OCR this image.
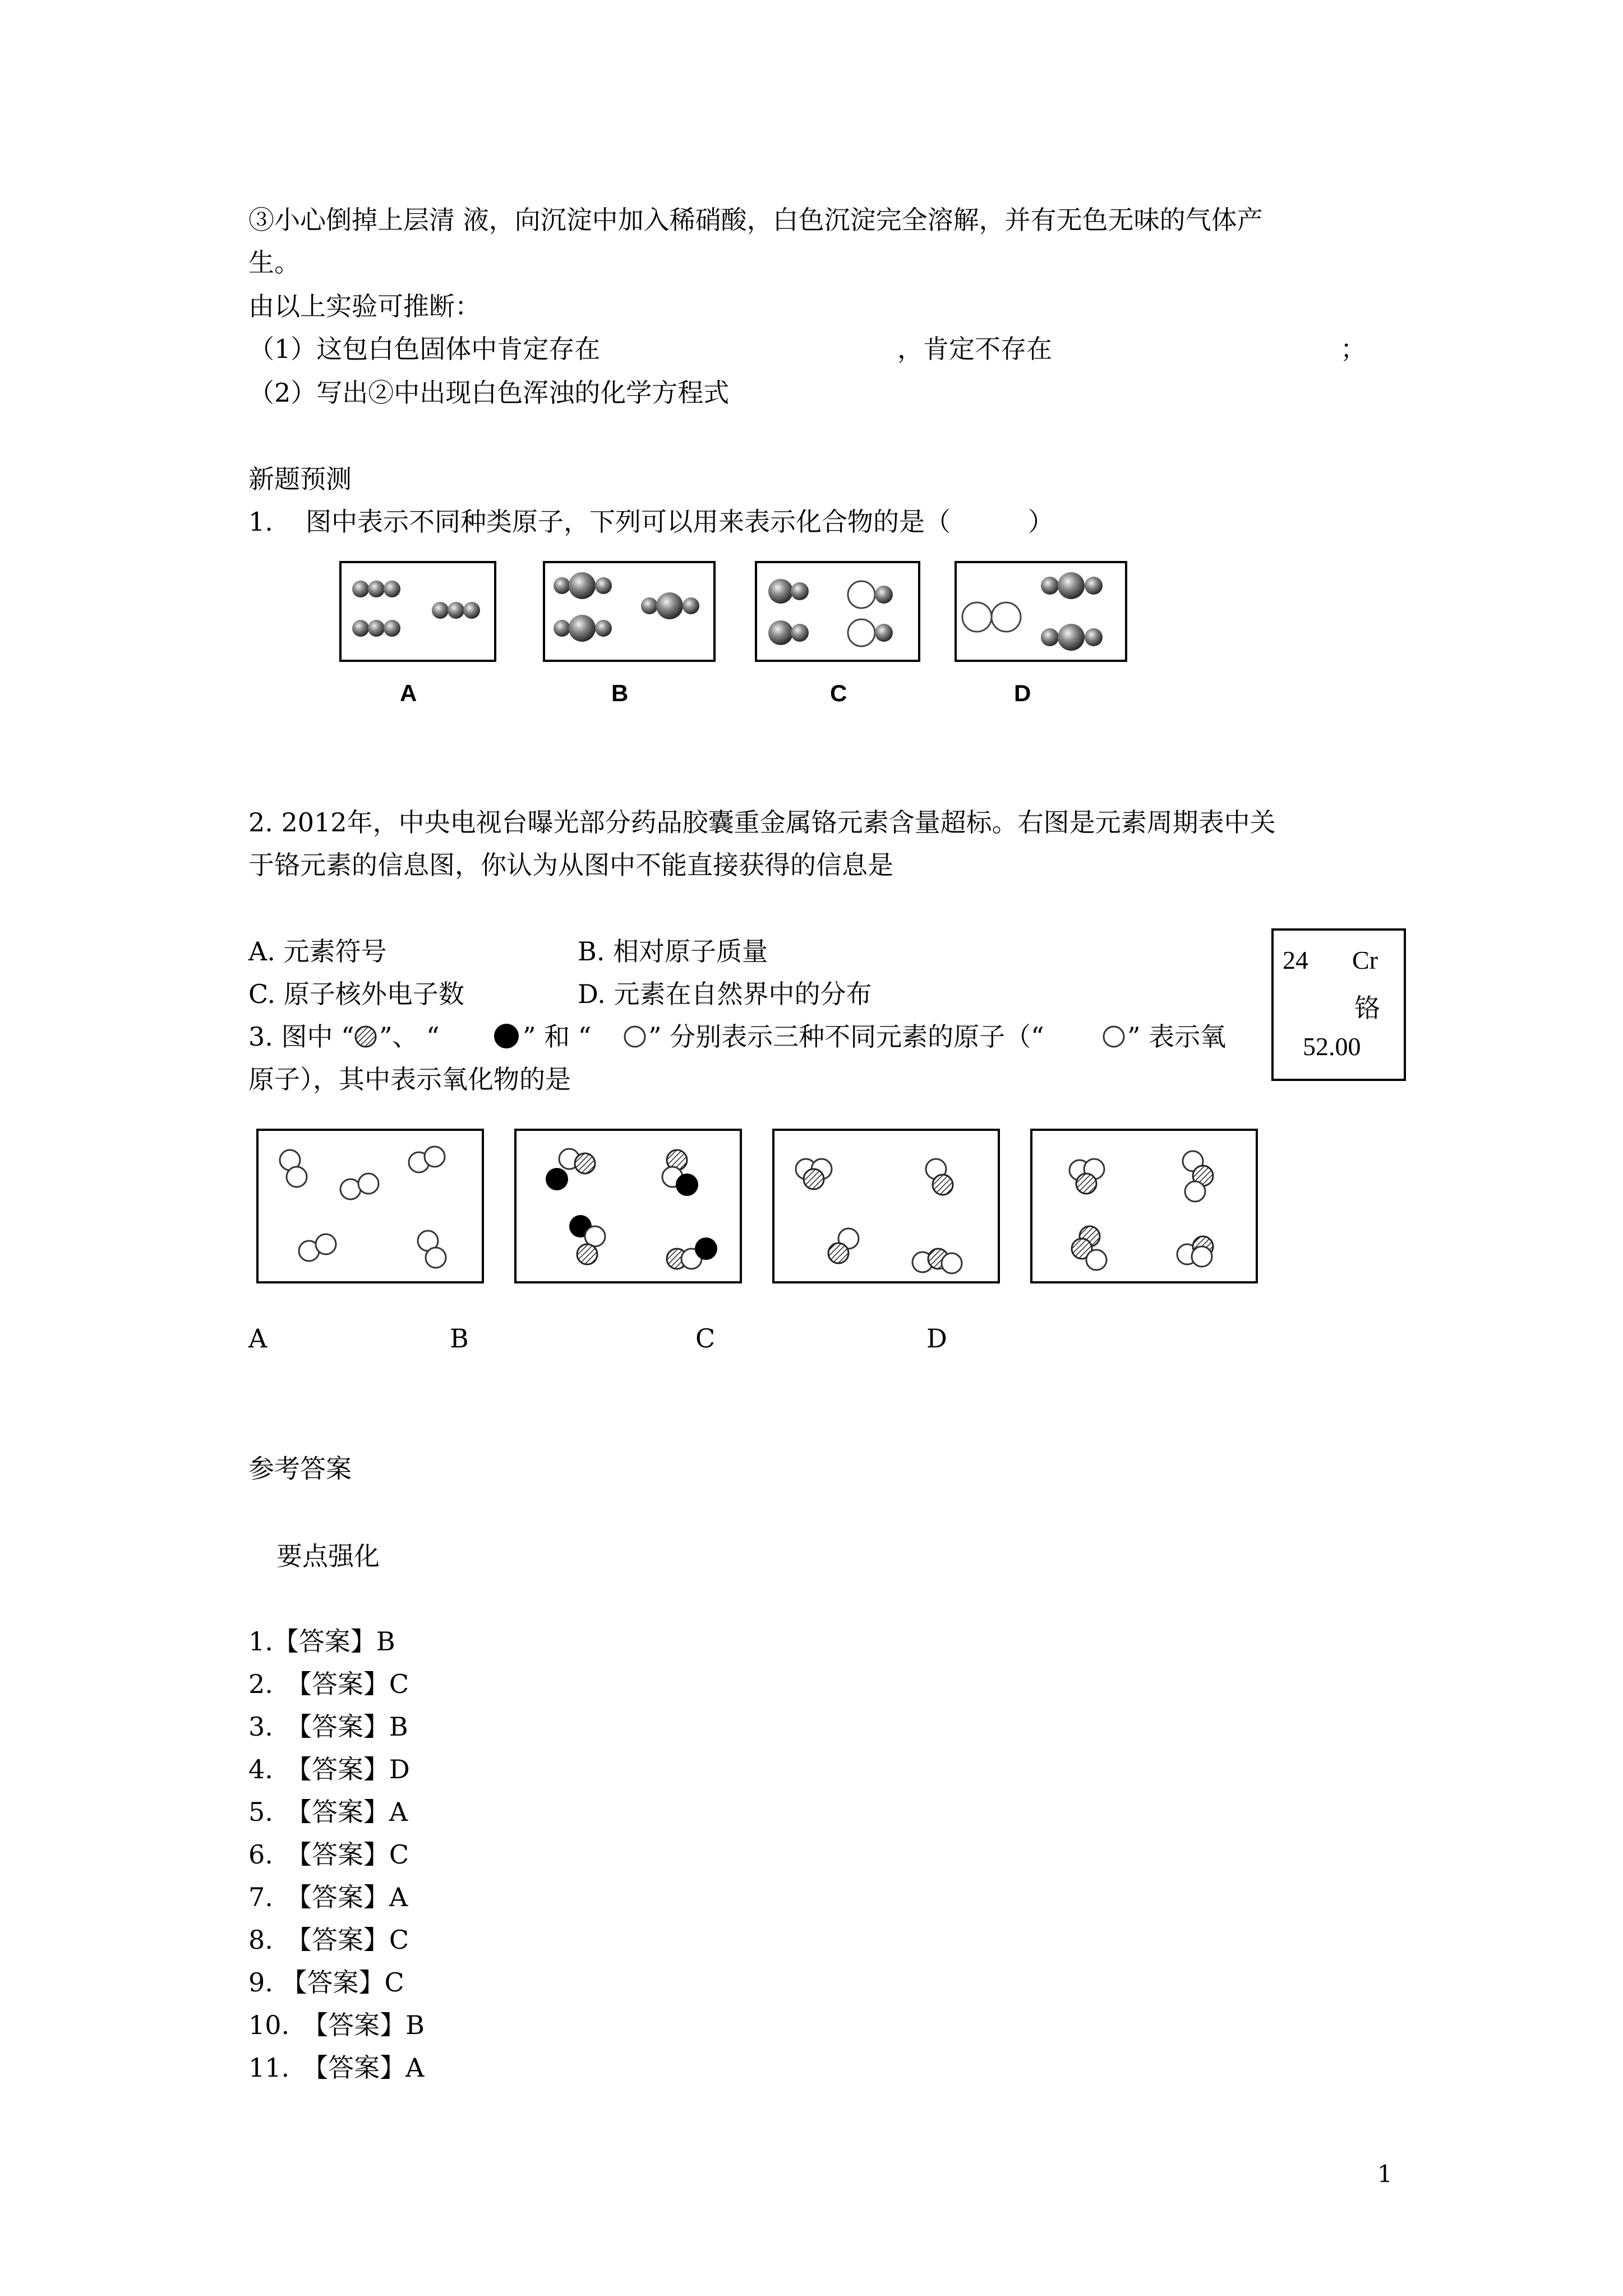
③小心倒掉上层清 液，向沉淀中加入稀硝酸，白色沉淀完全溶解，并有无色无味的气体产
生。
由以上实验可推断：
（1）这包白色固体中肯定存在	，肯定不存在	；
（2）写出②中出现白色浑浊的化学方程式
新题预测
1. 图中表示不同种类原子，下列可以用来表示化合物的是（　　　）
A	B	C	D
2. 2012年，中央电视台曝光部分药品胶囊重金属铬元素含量超标。右图是元素周期表中关
于铬元素的信息图，你认为从图中不能直接获得的信息是
A. 元素符号	B. 相对原子质量
C. 原子核外电子数	D. 元素在自然界中的分布
24 Cr
铬
52.00
3. 图中 “ ”、 “	” 和 “ ” 分别表示三种不同元素的原子（“	” 表示氧
原子），其中表示氧化物的是
A	B	C	D
参考答案
要点强化
1.【答案】B
2.　【答案】C
3.　【答案】B
4.　【答案】D
5.　【答案】A
6.　【答案】C
7.　【答案】A
8.　【答案】C
9. 【答案】C
10.　【答案】B
11.　【答案】A
1
